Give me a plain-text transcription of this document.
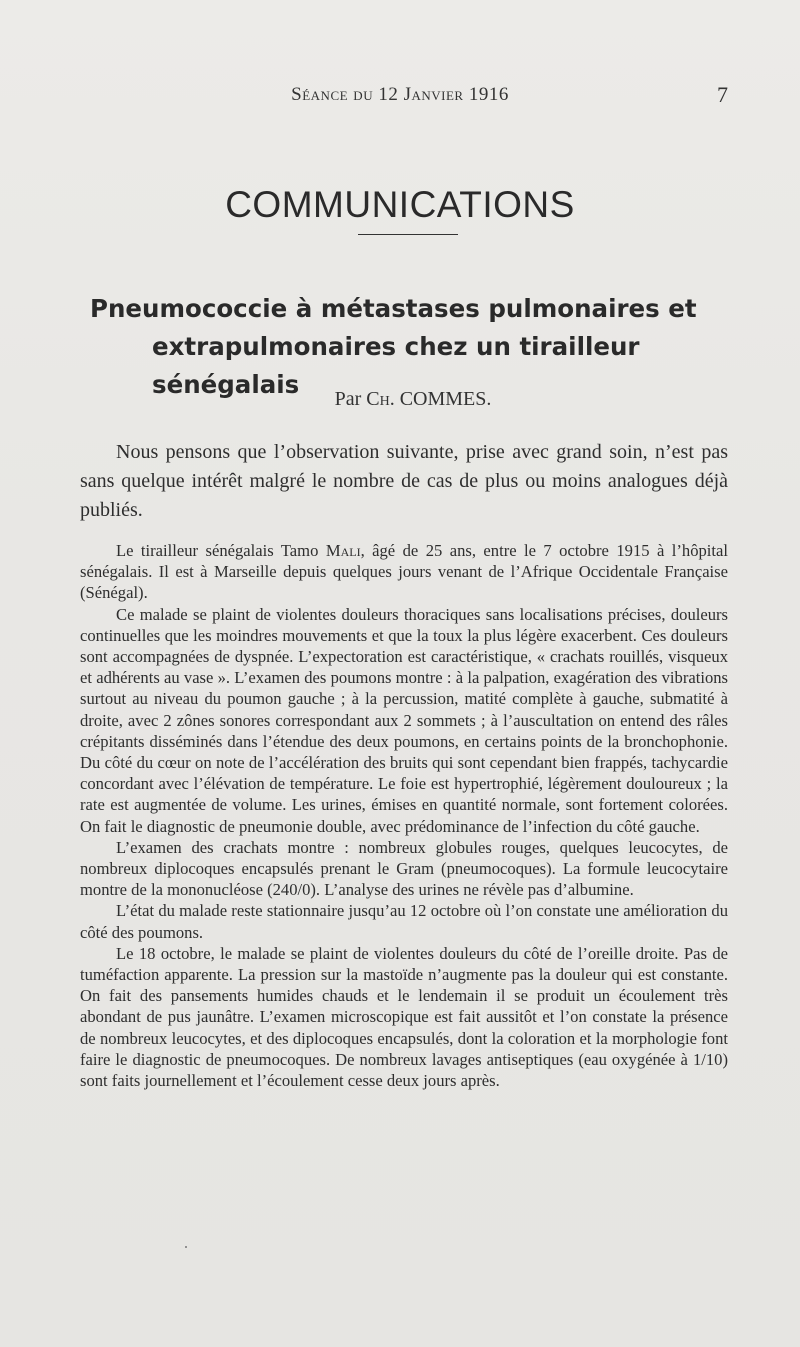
Séance du 12 Janvier 1916	7
COMMUNICATIONS
Pneumococcie à métastases pulmonaires et
extrapulmonaires chez un tirailleur sénégalais	Par Ch. COMMES.

Nous pensons que l’observation suivante, prise avec grand soin, n’est pas sans quelque intérêt malgré le nombre de cas de plus ou moins analogues déjà publiés.

Le tirailleur sénégalais Tamo Mali, âgé de 25 ans, entre le 7 octobre 1915 à l’hôpital sénégalais. Il est à Marseille depuis quelques jours venant de l’Afrique Occidentale Française (Sénégal).

Ce malade se plaint de violentes douleurs thoraciques sans localisations précises, douleurs continuelles que les moindres mouvements et que la toux la plus légère exacerbent. Ces douleurs sont accompagnées de dyspnée. L’expectoration est caractéristique, « crachats rouillés, visqueux et adhérents au vase ». L’examen des poumons montre : à la palpation, exagération des vibrations surtout au niveau du poumon gauche ; à la percussion, matité complète à gauche, submatité à droite, avec 2 zônes sonores correspondant aux 2 sommets ; à l’auscultation on entend des râles crépitants disséminés dans l’étendue des deux poumons, en certains points de la bronchophonie. Du côté du cœur on note de l’accélération des bruits qui sont cependant bien frappés, tachycardie concordant avec l’élévation de température. Le foie est hypertrophié, légèrement douloureux ; la rate est augmentée de volume. Les urines, émises en quantité normale, sont fortement colorées. On fait le diagnostic de pneumonie double, avec prédominance de l’infection du côté gauche.

L’examen des crachats montre : nombreux globules rouges, quelques leucocytes, de nombreux diplocoques encapsulés prenant le Gram (pneumocoques). La formule leucocytaire montre de la mononucléose (240/0). L’analyse des urines ne révèle pas d’albumine.

L’état du malade reste stationnaire jusqu’au 12 octobre où l’on constate une amélioration du côté des poumons.

Le 18 octobre, le malade se plaint de violentes douleurs du côté de l’oreille droite. Pas de tuméfaction apparente. La pression sur la mastoïde n’augmente pas la douleur qui est constante. On fait des pansements humides chauds et le lendemain il se produit un écoulement très abondant de pus jaunâtre. L’examen microscopique est fait aussitôt et l’on constate la présence de nombreux leucocytes, et des diplocoques encapsulés, dont la coloration et la morphologie font faire le diagnostic de pneumocoques. De nombreux lavages antiseptiques (eau oxygénée à 1/10) sont faits journellement et l’écoulement cesse deux jours après.
